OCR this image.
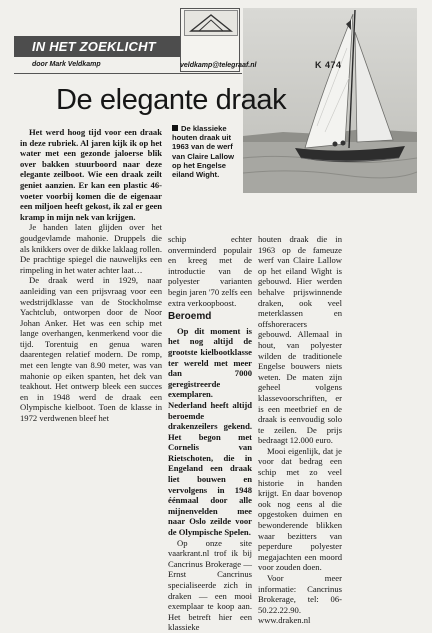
IN HET ZOEKLICHT
door Mark Veldkamp	K 474
De elegante draak
De klassieke houten draak uit 1963 van de werf van Claire Lallow op het Engelse eiland Wight.

Het werd hoog tijd voor een draak in deze rubriek. Al jaren kijk ik op het water met een gezonde jaloerse blik over bakken stuurboord naar deze elegante zeilboot. Wie een draak zeilt geniet aanzien. Er kan een plastic 46-voeter voorbij komen die de eigenaar een miljoen heeft gekost, ik zal er geen kramp in mijn nek van krijgen.

Je handen laten glijden over het goudgevlamde mahonie. Druppels die als knikkers over de dikke laklaag rollen. De prachtige spiegel die nauwelijks een rimpeling in het water achter laat…

De draak werd in 1929, naar aanleiding van een prijsvraag voor een wedstrijdklasse van de Stockholmse Yachtclub, ontworpen door de Noor Johan Anker. Het was een schip met lange overhangen, kenmerkend voor die tijd. Torentuig en genua waren daarentegen relatief modern. De romp, met een lengte van 8.90 meter, was van mahonie op eiken spanten, het dek van teakhout. Het ontwerp bleek een succes en in 1948 werd de draak een Olympische kielboot. Toen de klasse in 1972 verdwenen bleef het

schip echter onverminderd populair en kreeg met de introductie van de polyester varianten begin jaren '70 zelfs een extra verkoopboost.

Beroemd

Op dit moment is het nog altijd de grootste kielbootklasse ter wereld met meer dan 7000 geregistreerde exemplaren. Nederland heeft altijd beroemde drakenzeilers gekend. Het begon met Cornelis van Rietschoten, die in Engeland een draak liet bouwen en vervolgens in 1948 éénmaal door alle mijnenvelden mee naar Oslo zeilde voor de Olympische Spelen.

Op onze site vaarkrant.nl trof ik bij Cancrinus Brokerage — Ernst Cancrinus specialiseerde zich in draken — een mooi exemplaar te koop aan. Het betreft hier een klassieke

houten draak die in 1963 op de fameuze werf van Claire Lallow op het eiland Wight is gebouwd. Hier werden behalve prijswinnende draken, ook veel meterklassen en offshoreracers gebouwd. Allemaal in hout, van polyester wilden de traditionele Engelse bouwers niets weten. De maten zijn geheel volgens klassevoorschriften, er is een meetbrief en de draak is eenvoudig solo te zeilen. De prijs bedraagt 12.000 euro.

Mooi eigenlijk, dat je voor dat bedrag een schip met zo veel historie in handen krijgt. En daar bovenop ook nog eens al die opgestoken duimen en bewonderende blikken waar bezitters van peperdure polyester megajachten een moord voor zouden doen.

Voor meer informatie: Cancrinus Brokerage, tel: 06-50.22.22.90. www.draken.nl

veldkamp@telegraaf.nl
